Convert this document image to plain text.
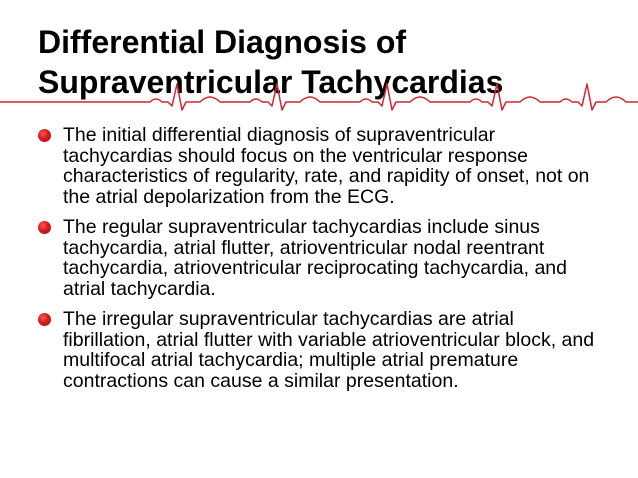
Differential Diagnosis of
Supraventricular Tachycardias
The initial differential diagnosis of supraventricular tachycardias should focus on the ventricular response characteristics of regularity, rate, and rapidity of onset, not on the atrial depolarization from the ECG.
The regular supraventricular tachycardias include sinus tachycardia, atrial flutter, atrioventricular nodal reentrant tachycardia, atrioventricular reciprocating tachycardia, and atrial tachycardia.
The irregular supraventricular tachycardias are atrial fibrillation, atrial flutter with variable atrioventricular block, and multifocal atrial tachycardia; multiple atrial premature contractions can cause a similar presentation.
